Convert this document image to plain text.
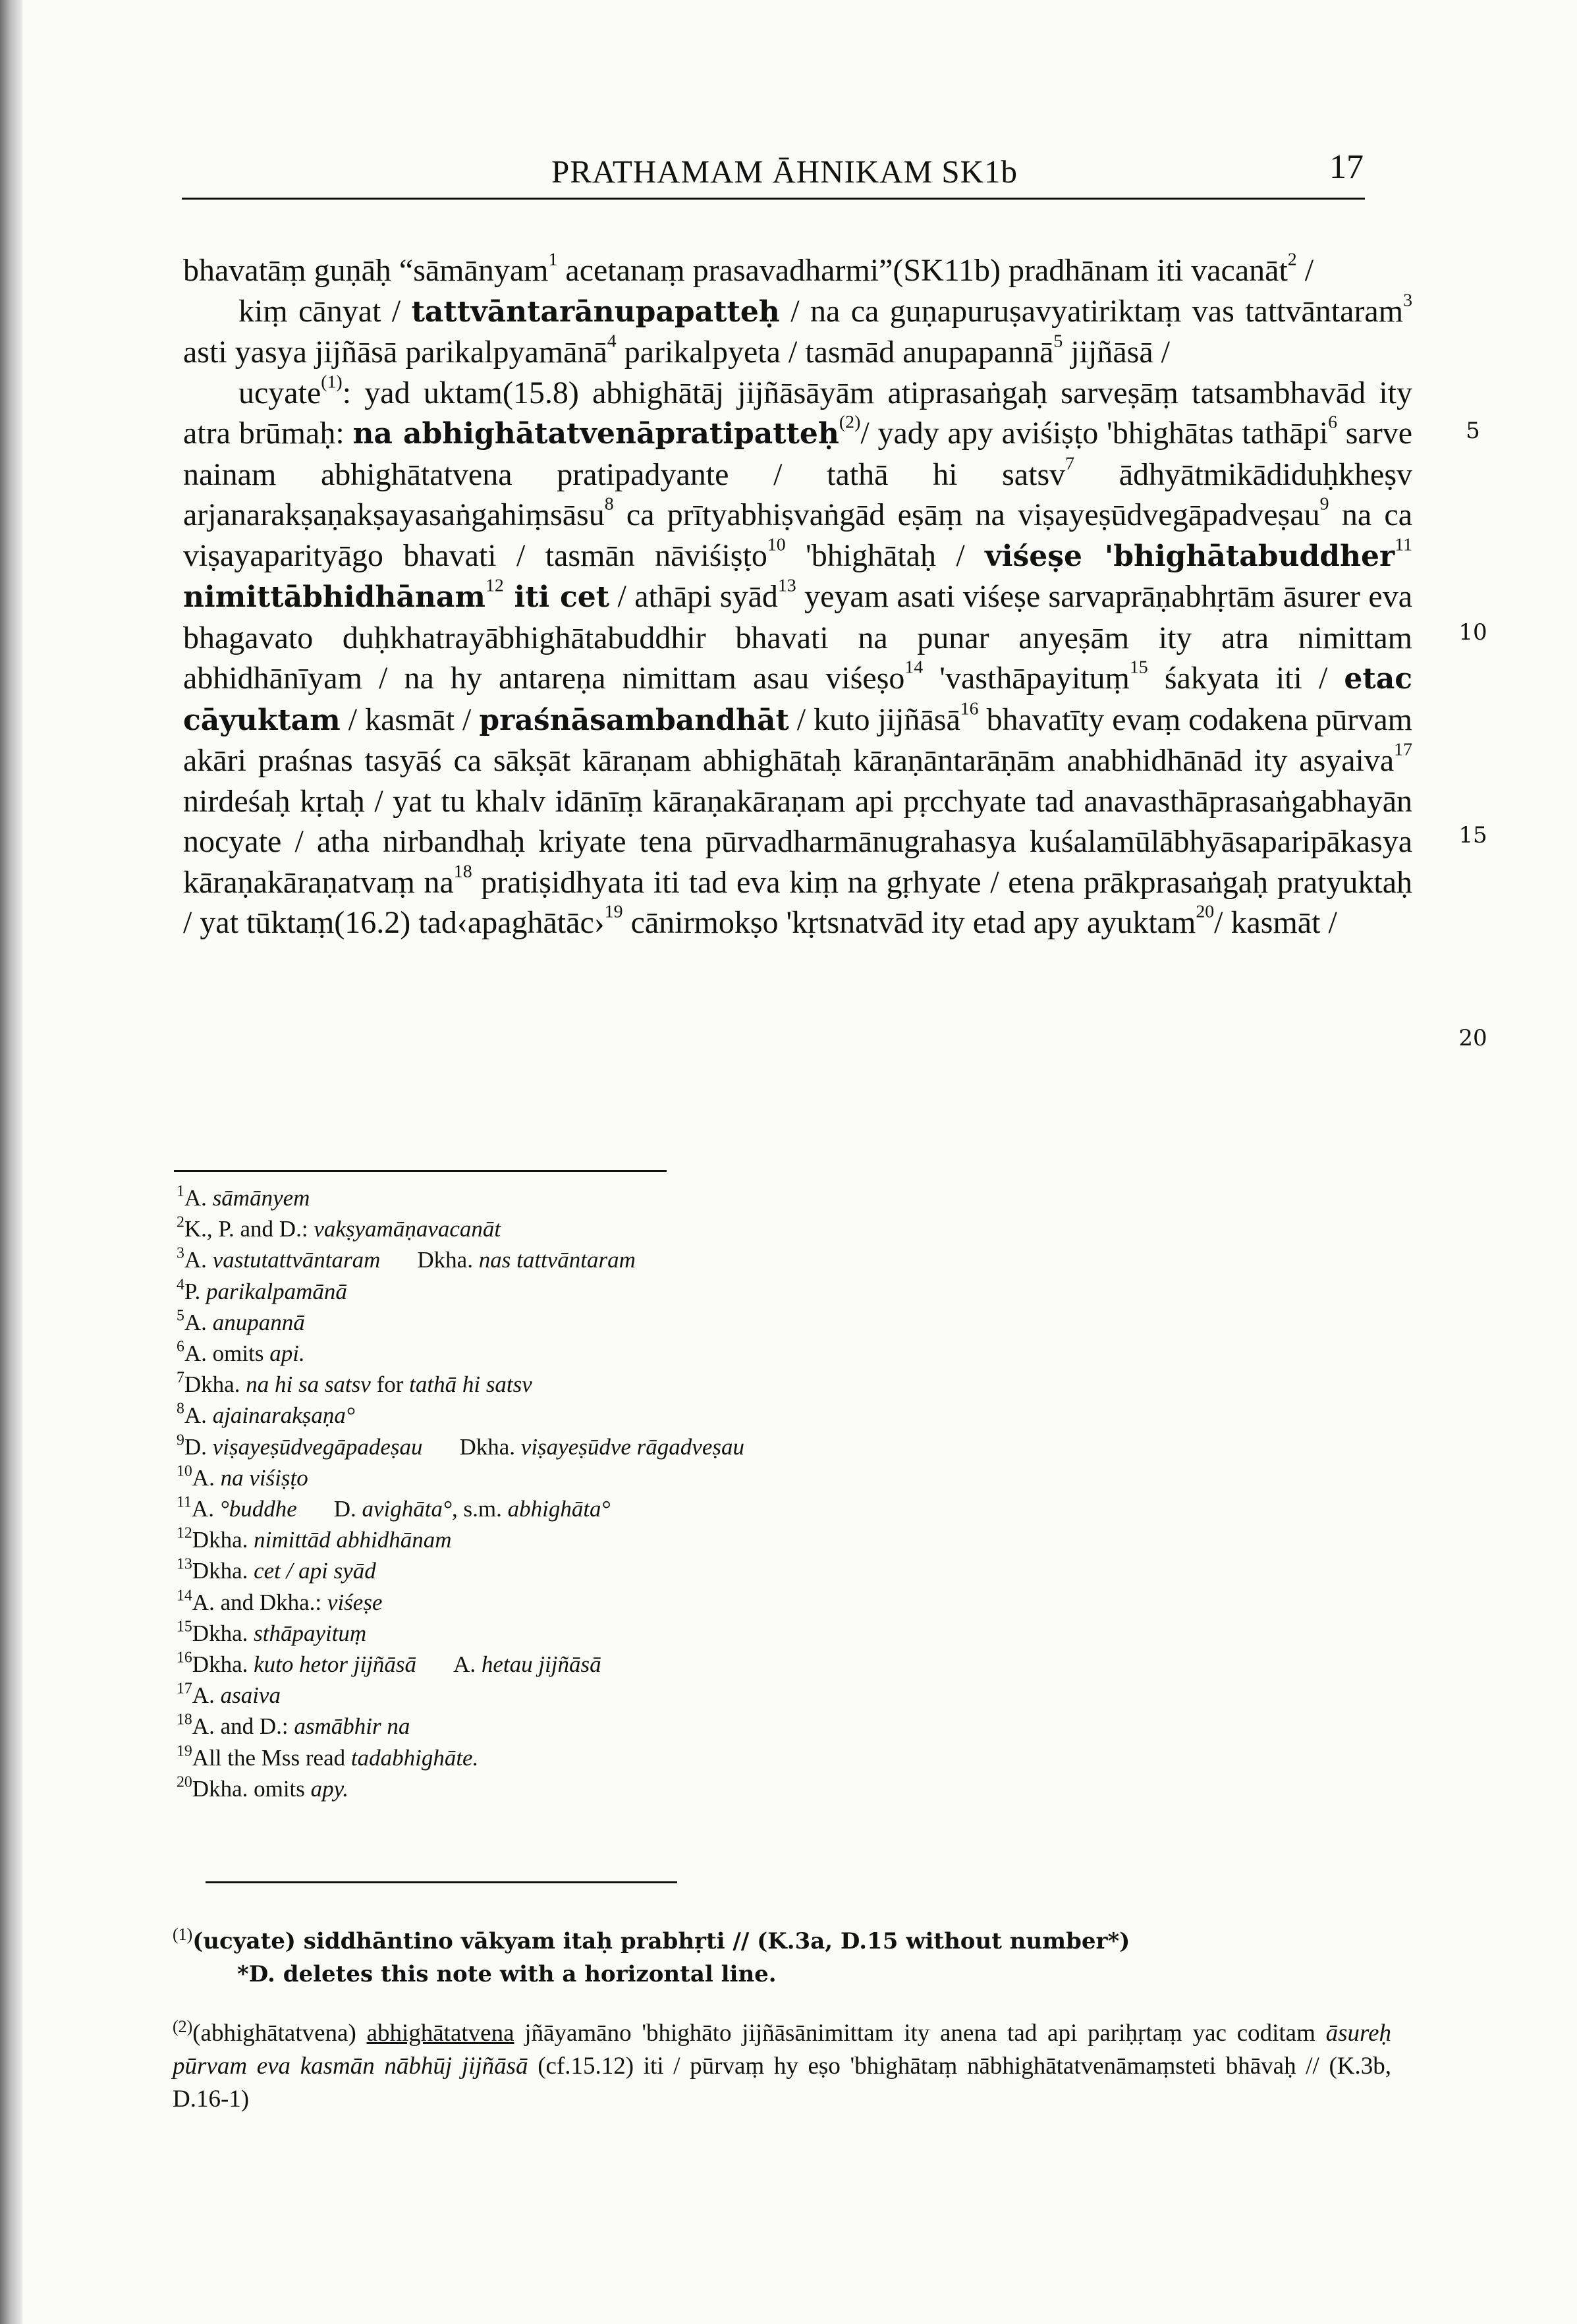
PRATHAMAM ĀHNIKAM SK1b	17

bhavatāṃ guṇāḥ “sāmānyam$^1$ acetanaṃ prasavadharmi”(SK11b) pradhānam iti vacanāt$^2$ /

kiṃ cānyat / tattvāntarānupapatteḥ / na ca guṇapuruṣavyatiriktaṃ vas tattvāntaram$^3$ asti yasya jijñāsā parikalpyamānā$^4$ parikalpyeta / tasmād anupapannā$^5$ jijñāsā /

ucyate$^{(1)}$: yad uktam(15.8) abhighātāj jijñāsāyām atiprasaṅgaḥ sarveṣāṃ tatsambhavād ity atra brūmaḥ: na abhighātatvenāpratipatteḥ$^{(2)}$/ yady apy aviśiṣṭo 'bhighātas tathāpi$^6$ sarve nainam abhighātatvena pratipadyante / tathā hi satsv$^7$ ādhyātmikādiduḥkheṣv arjanarakṣaṇakṣayasaṅgahiṃsāsu$^8$ ca prītyabhiṣvaṅgād eṣāṃ na viṣayeṣūdvegāpadveṣau$^9$ na ca viṣayaparityāgo bhavati / tasmān nāviśiṣṭo$^{10}$ 'bhighātaḥ / viśeṣe 'bhighātabuddher$^{11}$ nimittābhidhānam$^{12}$ iti cet / athāpi syād$^{13}$ yeyam asati viśeṣe sarvaprāṇabhṛtām āsurer eva bhagavato duḥkhatrayābhighātabuddhir bhavati na punar anyeṣām ity atra nimittam abhidhānīyam / na hy antareṇa nimittam asau viśeṣo$^{14}$ 'vasthāpayituṃ$^{15}$ śakyata iti / etac cāyuktam / kasmāt / praśnāsambandhāt / kuto jijñāsā$^{16}$ bhavatīty evaṃ codakena pūrvam akāri praśnas tasyāś ca sākṣāt kāraṇam abhighātaḥ kāraṇāntarāṇām anabhidhānād ity asyaiva$^{17}$ nirdeśaḥ kṛtaḥ / yat tu khalv idānīṃ kāraṇakāraṇam api pṛcchyate tad anavasthāprasaṅgabhayān nocyate / atha nirbandhaḥ kriyate tena pūrvadharmānugrahasya kuśalamūlābhyāsaparipākasya kāraṇakāraṇatvaṃ $na^{18}$ pratiṣidhyata iti tad eva kiṃ na gṛhyate / etena prākprasaṅgaḥ pratyuktaḥ / yat tūktaṃ(16.2) tad‹apaghātāc›$^{19}$ cānirmokṣo 'kṛtsnatvād ity etad apy ayuktam$^{20}$/ kasmāt /

5
10
15
20
$^1$A. sāmānyem
$^2$K., P. and D.: vakṣyamāṇavacanāt
$^3$A. vastutattvāntaram Dkha. nas tattvāntaram
$^4$P. parikalpamānā
$^5$A. anupannā
$^6$A. omits api.
$^7$Dkha. na hi sa satsv for tathā hi satsv
$^8$A. ajainarakṣaṇa°
$^9$D. viṣayeṣūdvegāpadeṣau Dkha. viṣayeṣūdve rāgadveṣau
$^{10}$A. na viśiṣṭo
$^{11}$A. °buddhe D. avighāta°, s.m. abhighāta°
$^{12}$Dkha. nimittād abhidhānam
$^{13}$Dkha. cet / api syād
$^{14}$A. and Dkha.: viśeṣe
$^{15}$Dkha. sthāpayituṃ
$^{16}$Dkha. kuto hetor jijñāsā A. hetau jijñāsā
$^{17}$A. asaiva
$^{18}$A. and D.: asmābhir na
$^{19}$All the Mss read tadabhighāte.
$^{20}$Dkha. omits apy.
$^{(1)}$(ucyate) siddhāntino vākyam itaḥ prabhṛti // (K.3a, D.15 without number*)
*D. deletes this note with a horizontal line.
$^{(2)}$(abhighātatvena) abhighātatvena jñāyamāno 'bhighāto jijñāsānimittam ity anena tad api pariḥṛtaṃ yac coditam āsureḥ pūrvam eva kasmān nābhūj jijñāsā (cf.15.12) iti / pūrvaṃ hy eṣo 'bhighātaṃ nābhighātatvenāmaṃsteti bhāvaḥ // (K.3b, D.16-1)
